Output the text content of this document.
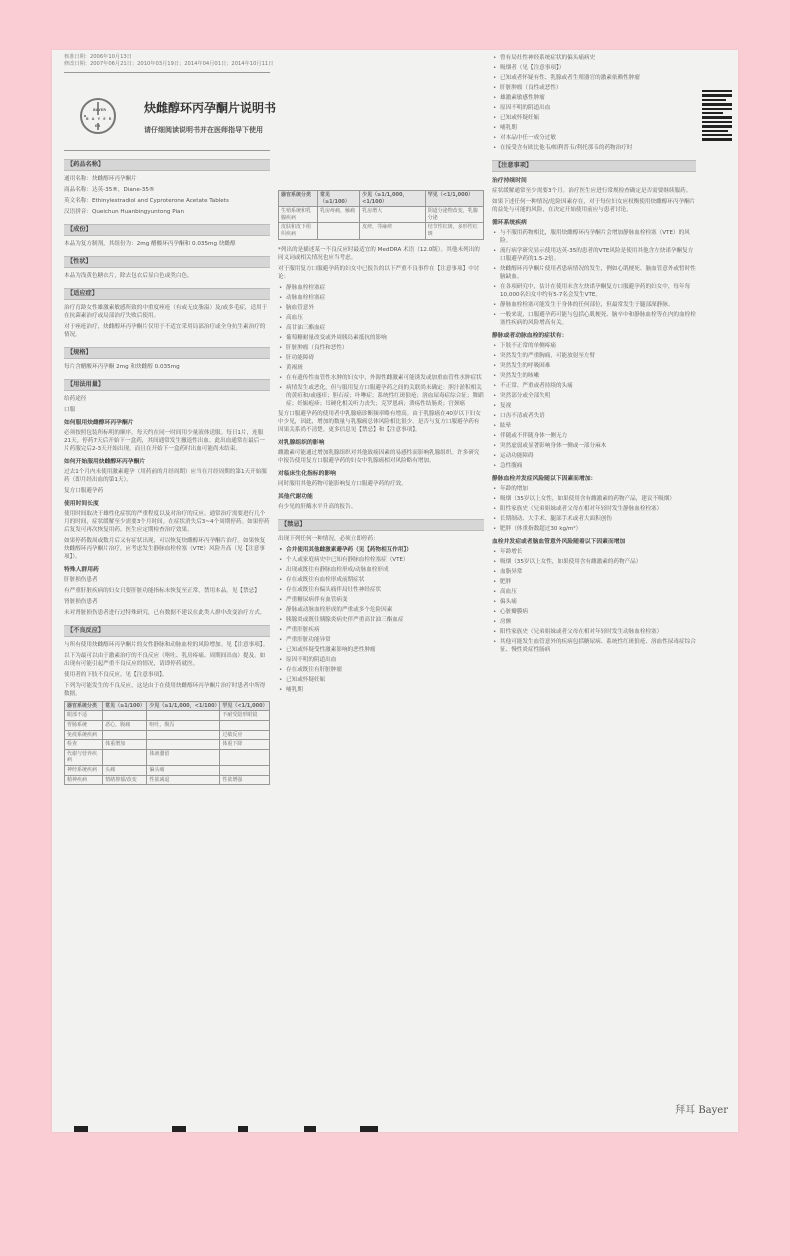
核准日期：2006年10月13日
修改日期：2007年06月21日；2010年03月19日；2014年04月01日；2014年10月11日
BAYER
B A Y E R
ER
炔雌醇环丙孕酮片说明书
请仔细阅读说明书并在医师指导下使用
【药品名称】

通用名称：炔雌醇环丙孕酮片

商品名称：达英-35®，Diane-35®

英文名称：Ethinylestradiol and Cyproterone Acetate Tablets

汉语拼音：Queichun Huanbingyuntong Pian

【成份】

本品为复方制剂，其组份为：2mg 醋酸环丙孕酮和 0.035mg 炔雌醇

【性状】

本品为浅黄色糖衣片，除去包衣后显白色或类白色。

【适应症】

治疗育龄女性雄激素敏感所致的中重度痤疮（有或无皮脂溢）及/或多毛症，适用于在抗菌素治疗或局部治疗失败后使用。

对于痤疮治疗，炔雌醇环丙孕酮片仅用于不适宜采用局部治疗或全身抗生素治疗的情况。

【规格】

每片含醋酸环丙孕酮 2mg 和炔雌醇 0.035mg

【用法用量】

给药途径

口服

如何服用炔雌醇环丙孕酮片

必须按照包装所标明的顺序，每天约在同一时间用少量液体送服。每日1片，连服21天。停药7天后开始下一盒药，其间通常发生撤退性出血。此出血通常在最后一片药服完后2-3天开始出现，而且在开始下一盒药时出血可能尚未结束。

如何开始服用炔雌醇环丙孕酮片

过去1个月内未使用激素避孕（用药前的月经周期）应当在月经周期的第1天开始服药（即月经出血的第1天）。

复方口服避孕药

使用时间长度

使用时间取决于雄性化症状的严重程度以及对治疗的反应。通常治疗需要进行几个月的时间，症状缓解至少需要3个月时间。在症状消失后3~4个周期停药。如果停药后复发可再次恢复用药。医生应定期检查治疗效果。

如果停药数周或数月后又有症状出现，可以恢复炔雌醇环丙孕酮片治疗。如果恢复炔雌醇环丙孕酮片治疗，应考虑发生静脉血栓栓塞（VTE）风险升高（见【注意事项】）。

特殊人群用药

肝脏损伤患者

有严重肝脏疾病的妇女只要肝脏功能指标未恢复至正常，禁用本品。见【禁忌】

肾脏损伤患者

未对肾脏损伤患者进行过特殊研究，已有数据不建议在此类人群中改变治疗方式。

【不良反应】

与所有使用炔雌醇环丙孕酮片的女性静脉和动脉血栓的风险增加。见【注意事项】。

以下为最可以由于激素治疗的不良反应（呕吐、乳房疼痛、周期间出血）提及。如出现有可能引起严重不良反应的情况，请即停药就医。

使用者的下肢不良反应。见【注意事项】。

下列为可能发生的不良反应，这是由于在使用炔雌醇环丙孕酮片治疗时患者中所得数据。

器官系统分类	常见（≥1/100）	少见（≥1/1,000，<1/100）	罕见（<1/1,000）
眼部不适			不耐受隐形眼镜
胃肠系统	恶心，腹痛	呕吐，腹泻	
免疫系统疾病			过敏反应
检查	体重增加		体重下降
代谢与营养疾病		体液潴留	
神经系统疾病	头痛	偏头痛	
精神疾病	情绪抑郁/改变	性欲减退	性欲增强
器官系统分类	常见（≥1/100）	少见（≥1/1,000，<1/100）	罕见（<1/1,000）
生殖系统和乳腺疾病	乳房疼痛，触痛	乳房增大	阴道分泌物改变，乳腺分泌
皮肤和皮下组织疾病		皮疹，荨麻疹	结节性红斑，多形性红斑

*列出的是描述某一不良反应时最适宜的 MedDRA 术语（12.0版）。其他未列出的同义词或相关情况也应当考虑。

对于服用复方口服避孕药的妇女中已报告的以下严重不良事件在【注意事项】中讨论：

• 静脉血栓栓塞症
• 动脉血栓栓塞症
• 脑血管意外
• 高血压
• 高甘油三酯血症
• 葡萄糖耐量改变或外周胰岛素抵抗的影响
• 肝脏肿瘤（良性和恶性）
• 肝功能障碍
• 黄褐斑
• 在有遗传性血管性水肿的妇女中，外源性雌激素可能诱发或加重血管性水肿症状
• 病情发生或恶化，但与服用复方口服避孕药之间的关联尚未确定：胆汁淤积相关的黄疸和/或瘙痒；胆石症；卟啉症；系统性红斑狼疮；溶血尿毒症综合征；舞蹈症；妊娠疱疹；耳硬化相关听力丧失；克罗恩病；溃疡性结肠炎；宫颈癌

复方口服避孕药的使用者中乳腺癌诊断频率略有增高。由于乳腺癌在40岁以下妇女中少见，因此，增加的数量与乳腺癌总体风险相比很少。是否与复方口服避孕药有因果关系尚不清楚。更多信息见【禁忌】和【注意事项】。

对乳腺组织的影响

雌激素可能通过增加乳腺组织对其他致癌因素的易感性而影响乳腺组织。许多研究中报告使用复方口服避孕药的妇女中乳腺癌相对风险略有增加。

对临床生化指标的影响

同时服用其他药物可能影响复方口服避孕药的疗效。

其他代谢功能

有少见的肝酶水平升高的报告。

【禁忌】

出现下列任何一种情况，必须立即停药：

• 合并使用其他雌激素避孕药（见【药物相互作用】）
• 个人或家庭病史中已知有静脉血栓栓塞症（VTE）
• 出现或既往有静脉血栓形成/动脉血栓形成
• 存在或既往有血栓形成前期症状
• 存在或既往有偏头痛伴局灶性神经症状
• 严重糖尿病伴有血管病变
• 静脉或动脉血栓形成的严重或多个危险因素
• 胰腺炎或既往胰腺炎病史伴严重高甘油三酯血症
• 严重肝脏疾病
• 严重肝脏功能异常
• 已知或怀疑受性激素影响的恶性肿瘤
• 原因不明的阴道出血
• 存在或既往有肝脏肿瘤
• 已知或怀疑妊娠
• 哺乳期
• 曾有局灶性神经系统症状的偏头痛病史
• 吸烟者（见【注意事项】）
• 已知或者怀疑有性、乳腺或者生殖器官的激素依赖性肿瘤
• 肝脏肿瘤（良性或恶性）
• 雄激素敏感性肿瘤
• 原因不明的阴道出血
• 已知或怀疑妊娠
• 哺乳期
• 对本品中任一成分过敏
• 在接受含有欧比他韦/帕利普韦/利托那韦的药物治疗时
【注意事项】
治疗持续时间

症状缓解通常至少需要3个月。治疗医生应进行常规检查确定是否需要继续服药。

如果下述任何一种情况/危险因素存在，对于每位妇女应权衡使用炔雌醇环丙孕酮片的益处与可能的风险，在决定开始使用前应与患者讨论。

循环系统疾病
• 与不服用药物相比，服用炔雌醇环丙孕酮片会增加静脉血栓栓塞（VTE）的风险。
• 流行病学研究显示使用达英-35的患者的VTE风险是使用其他含左炔诺孕酮复方口服避孕药的1.5-2倍。
• 炔雌醇环丙孕酮片使用者患病情况的发生，例如心肌梗死、脑血管意外或暂时性脑缺血。
• 在各项研究中，估计在使用未含左炔诺孕酮复方口服避孕药的妇女中，每年每10,000名妇女中约有5-7名会发生VTE。
• 静脉血栓栓塞可能发生于身体的任何部位，但最常发生于腿部深静脉。
• 一般来说，口服避孕药可能与包括心肌梗死、脑卒中和静脉血栓等在内的血栓栓塞性疾病的风险增高有关。
静脉或者动脉血栓的症状有：
• 下肢不正常的单侧疼痛
• 突然发生的严重胸痛，可能放射至左臂
• 突然发生的呼吸困难
• 突然发生的咳嗽
• 不正常、严重或者持续的头痛
• 突然部分或全部失明
• 复视
• 口齿不清或者失语
• 眩晕
• 伴随或不伴随身体一侧无力
• 突然虚弱或显著影响身体一侧或一部分麻木
• 运动功能障碍
• 急性腹痛
静脉血栓并发症风险随以下因素而增加：
• 年龄的增加
• 吸烟（35岁以上女性，如果使用含有雌激素的药物产品，建议不吸烟）
• 阳性家族史（兄弟姐妹或者父母在相对年轻时发生静脉血栓栓塞）
• 长期制动、大手术、腿部手术或者大面积创伤
• 肥胖（体重指数超过30 kg/m²）
血栓并发症或者脑血管意外风险随着以下因素而增加
• 年龄增长
• 吸烟（35岁以上女性，如果使用含有雌激素的药物产品）
• 血脂异常
• 肥胖
• 高血压
• 偏头痛
• 心脏瓣膜病
• 房颤
• 阳性家族史（兄弟姐妹或者父母在相对年轻时发生动脉血栓栓塞）
• 其他可能发生血管意外的疾病包括糖尿病、系统性红斑狼疮、溶血性尿毒症综合征、慢性炎症性肠病
拜耳 Bayer
